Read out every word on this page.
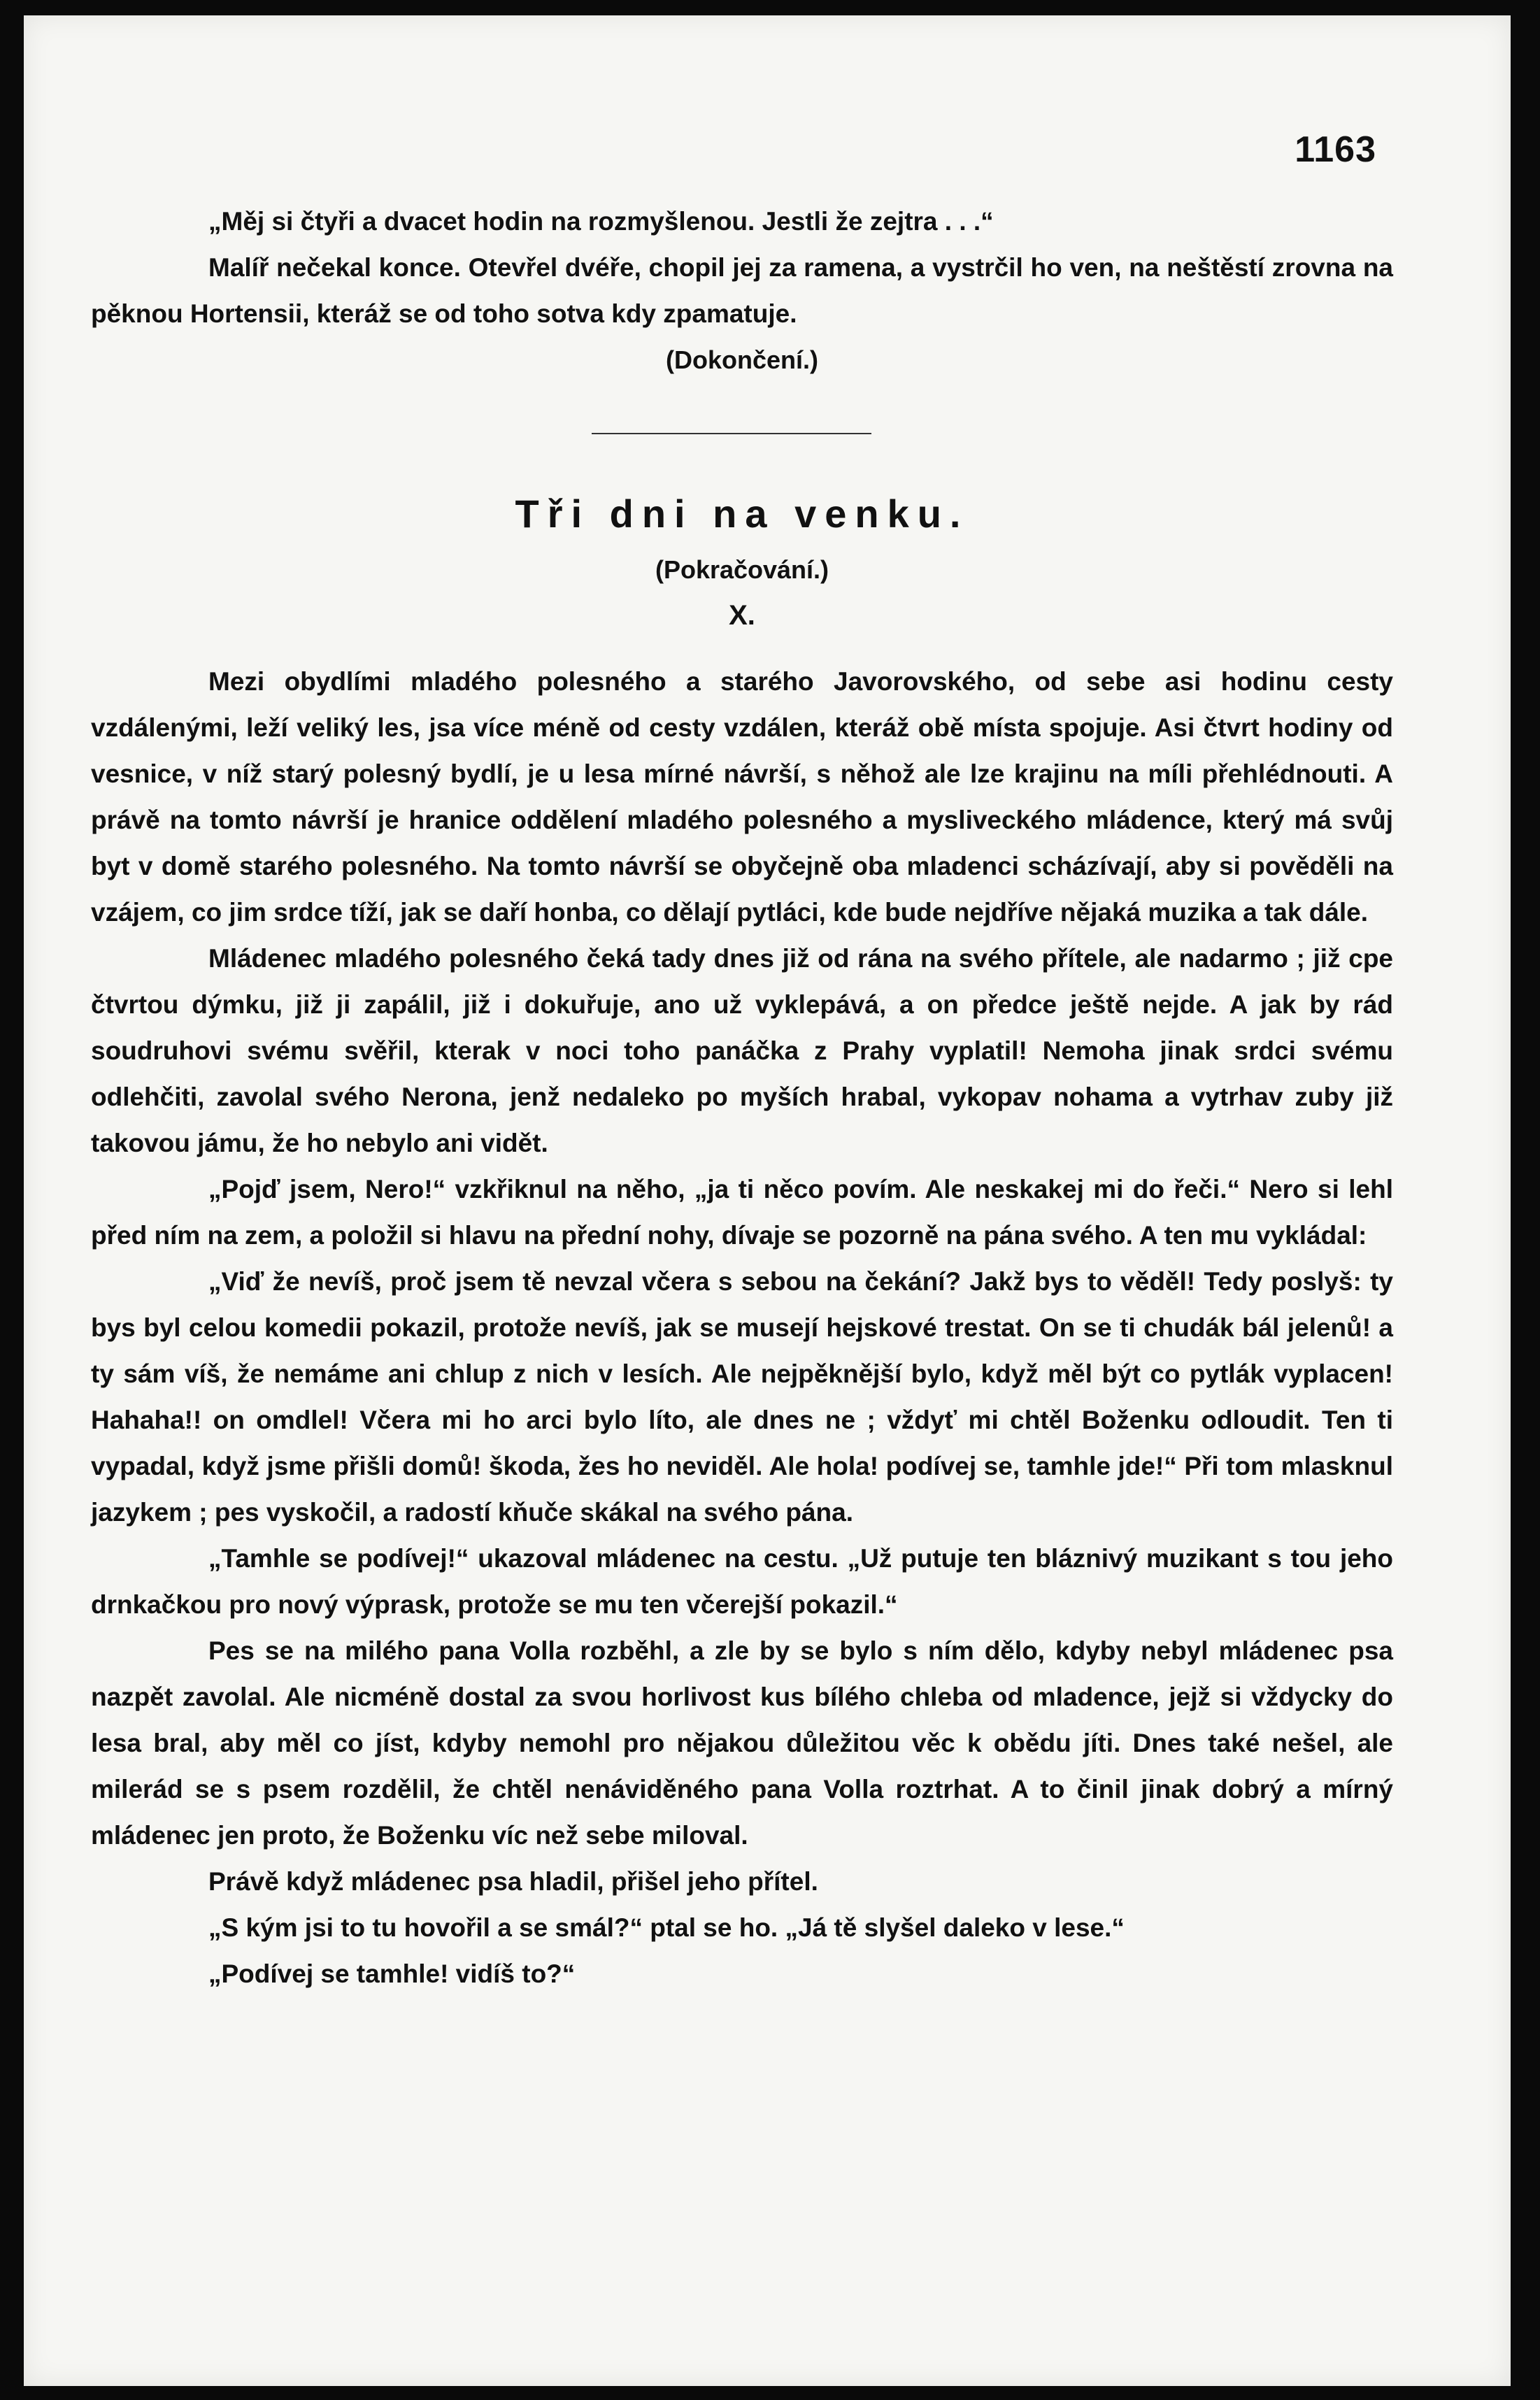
1163

„Měj si čtyři a dvacet hodin na rozmyšlenou. Jestli že zejtra . . .“

Malíř nečekal konce. Otevřel dvéře, chopil jej za ramena, a vystrčil ho ven, na neštěstí zrovna na pěknou Hortensii, kteráž se od toho sotva kdy zpamatuje.

(Dokončení.)
Tři dni na venku.
(Pokračování.)
X.

Mezi obydlími mladého polesného a starého Javorovského, od sebe asi hodinu cesty vzdálenými, leží veliký les, jsa více méně od cesty vzdálen, kteráž obě místa spojuje. Asi čtvrt hodiny od vesnice, v níž starý polesný bydlí, je u lesa mírné návrší, s něhož ale lze krajinu na míli přehlédnouti. A právě na tomto návrší je hranice oddělení mladého polesného a mysliveckého mládence, který má svůj byt v domě starého polesného. Na tomto návrší se obyčejně oba mladenci scházívají, aby si pověděli na vzájem, co jim srdce tíží, jak se daří honba, co dělají pytláci, kde bude nejdříve nějaká muzika a tak dále.

Mládenec mladého polesného čeká tady dnes již od rána na svého přítele, ale nadarmo ; již cpe čtvrtou dýmku, již ji zapálil, již i dokuřuje, ano už vyklepává, a on předce ještě nejde. A jak by rád soudruhovi svému svěřil, kterak v noci toho panáčka z Prahy vyplatil! Nemoha jinak srdci svému odlehčiti, zavolal svého Nerona, jenž nedaleko po myších hrabal, vykopav nohama a vytrhav zuby již takovou jámu, že ho nebylo ani vidět.

„Pojď jsem, Nero!“ vzkřiknul na něho, „ja ti něco povím. Ale neskakej mi do řeči.“ Nero si lehl před ním na zem, a položil si hlavu na přední nohy, dívaje se pozorně na pána svého. A ten mu vykládal:

„Viď že nevíš, proč jsem tě nevzal včera s sebou na čekání? Jakž bys to věděl! Tedy poslyš: ty bys byl celou komedii pokazil, protože nevíš, jak se musejí hejskové trestat. On se ti chudák bál jelenů! a ty sám víš, že nemáme ani chlup z nich v lesích. Ale nejpěknější bylo, když měl být co pytlák vyplacen! Hahaha!! on omdlel! Včera mi ho arci bylo líto, ale dnes ne ; vždyť mi chtěl Boženku odloudit. Ten ti vypadal, když jsme přišli domů! škoda, žes ho neviděl. Ale hola! podívej se, tamhle jde!“ Při tom mlasknul jazykem ; pes vyskočil, a radostí kňuče skákal na svého pána.

„Tamhle se podívej!“ ukazoval mládenec na cestu. „Už putuje ten bláznivý muzikant s tou jeho drnkačkou pro nový výprask, protože se mu ten včerejší pokazil.“

Pes se na milého pana Volla rozběhl, a zle by se bylo s ním dělo, kdyby nebyl mládenec psa nazpět zavolal. Ale nicméně dostal za svou horlivost kus bílého chleba od mladence, jejž si vždycky do lesa bral, aby měl co jíst, kdyby nemohl pro nějakou důležitou věc k obědu jíti. Dnes také nešel, ale milerád se s psem rozdělil, že chtěl nenáviděného pana Volla roztrhat. A to činil jinak dobrý a mírný mládenec jen proto, že Boženku víc než sebe miloval.

Právě když mládenec psa hladil, přišel jeho přítel.

„S kým jsi to tu hovořil a se smál?“ ptal se ho. „Já tě slyšel daleko v lese.“

„Podívej se tamhle! vidíš to?“
